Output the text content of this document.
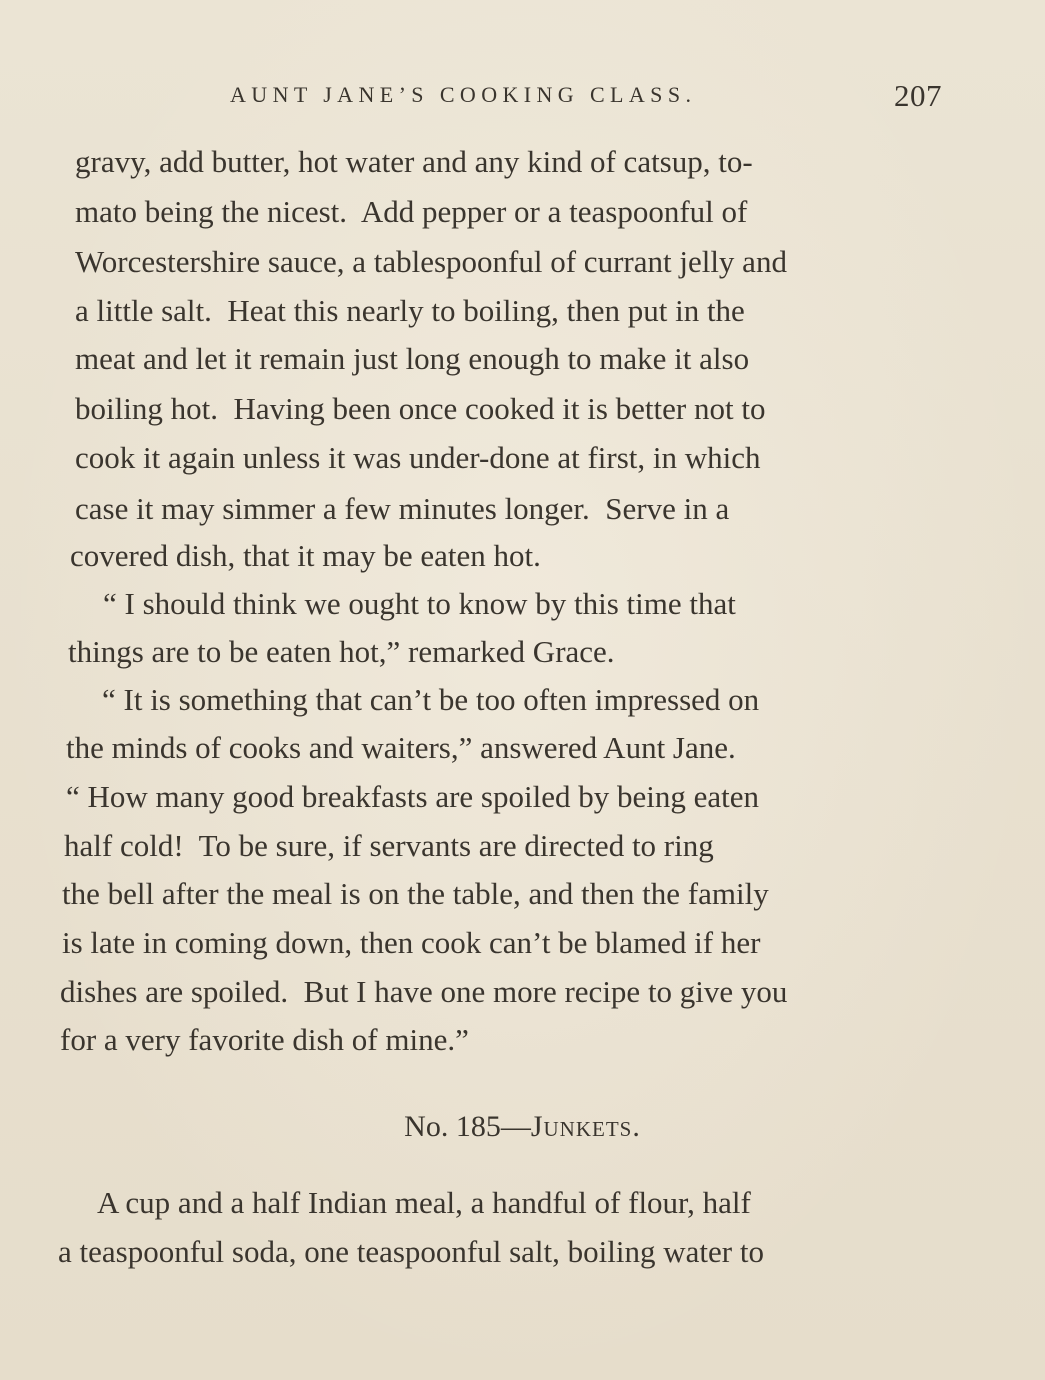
AUNT JANE’S COOKING CLASS.	207
gravy, add butter, hot water and any kind of catsup, to-
mato being the nicest.  Add pepper or a teaspoonful of
Worcestershire sauce, a tablespoonful of currant jelly and
a little salt.  Heat this nearly to boiling, then put in the
meat and let it remain just long enough to make it also
boiling hot.  Having been once cooked it is better not to
cook it again unless it was under-done at first, in which
case it may simmer a few minutes longer.  Serve in a
covered dish, that it may be eaten hot.
“ I should think we ought to know by this time that
things are to be eaten hot,” remarked Grace.
“ It is something that can’t be too often impressed on
the minds of cooks and waiters,” answered Aunt Jane.
“ How many good breakfasts are spoiled by being eaten
half cold!  To be sure, if servants are directed to ring
the bell after the meal is on the table, and then the family
is late in coming down, then cook can’t be blamed if her
dishes are spoiled.  But I have one more recipe to give you
for a very favorite dish of mine.”
No. 185—Junkets.
A cup and a half Indian meal, a handful of flour, half
a teaspoonful soda, one teaspoonful salt, boiling water to
